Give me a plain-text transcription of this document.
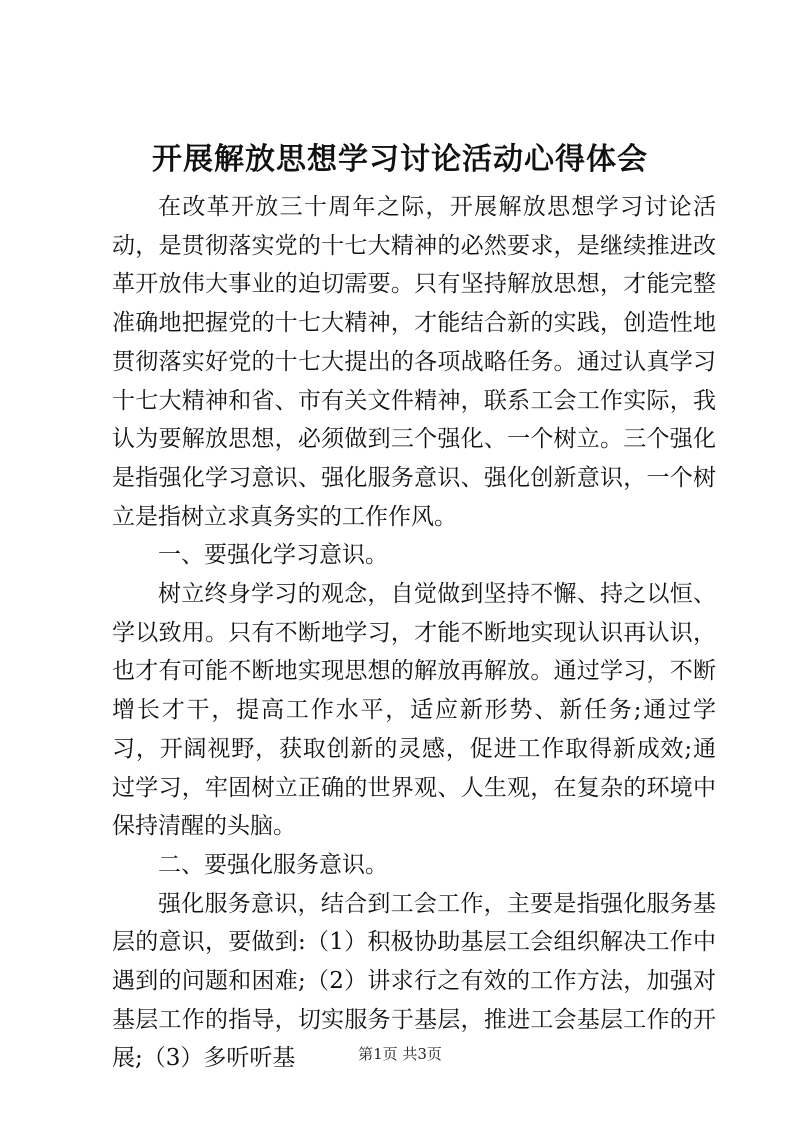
开展解放思想学习讨论活动心得体会

在改革开放三十周年之际，开展解放思想学习讨论活动，是贯彻落实党的十七大精神的必然要求，是继续推进改革开放伟大事业的迫切需要。只有坚持解放思想，才能完整准确地把握党的十七大精神，才能结合新的实践，创造性地贯彻落实好党的十七大提出的各项战略任务。通过认真学习十七大精神和省、市有关文件精神，联系工会工作实际，我认为要解放思想，必须做到三个强化、一个树立。三个强化是指强化学习意识、强化服务意识、强化创新意识，一个树立是指树立求真务实的工作作风。

一、要强化学习意识。

树立终身学习的观念，自觉做到坚持不懈、持之以恒、学以致用。只有不断地学习，才能不断地实现认识再认识，也才有可能不断地实现思想的解放再解放。通过学习，不断增长才干，提高工作水平，适应新形势、新任务;通过学习，开阔视野，获取创新的灵感，促进工作取得新成效;通过学习，牢固树立正确的世界观、人生观，在复杂的环境中保持清醒的头脑。

二、要强化服务意识。

强化服务意识，结合到工会工作，主要是指强化服务基层的意识，要做到:（1）积极协助基层工会组织解决工作中遇到的问题和困难;（2）讲求行之有效的工作方法，加强对基层工作的指导，切实服务于基层，推进工会基层工作的开展;（3）多听听基	第1页 共3页
